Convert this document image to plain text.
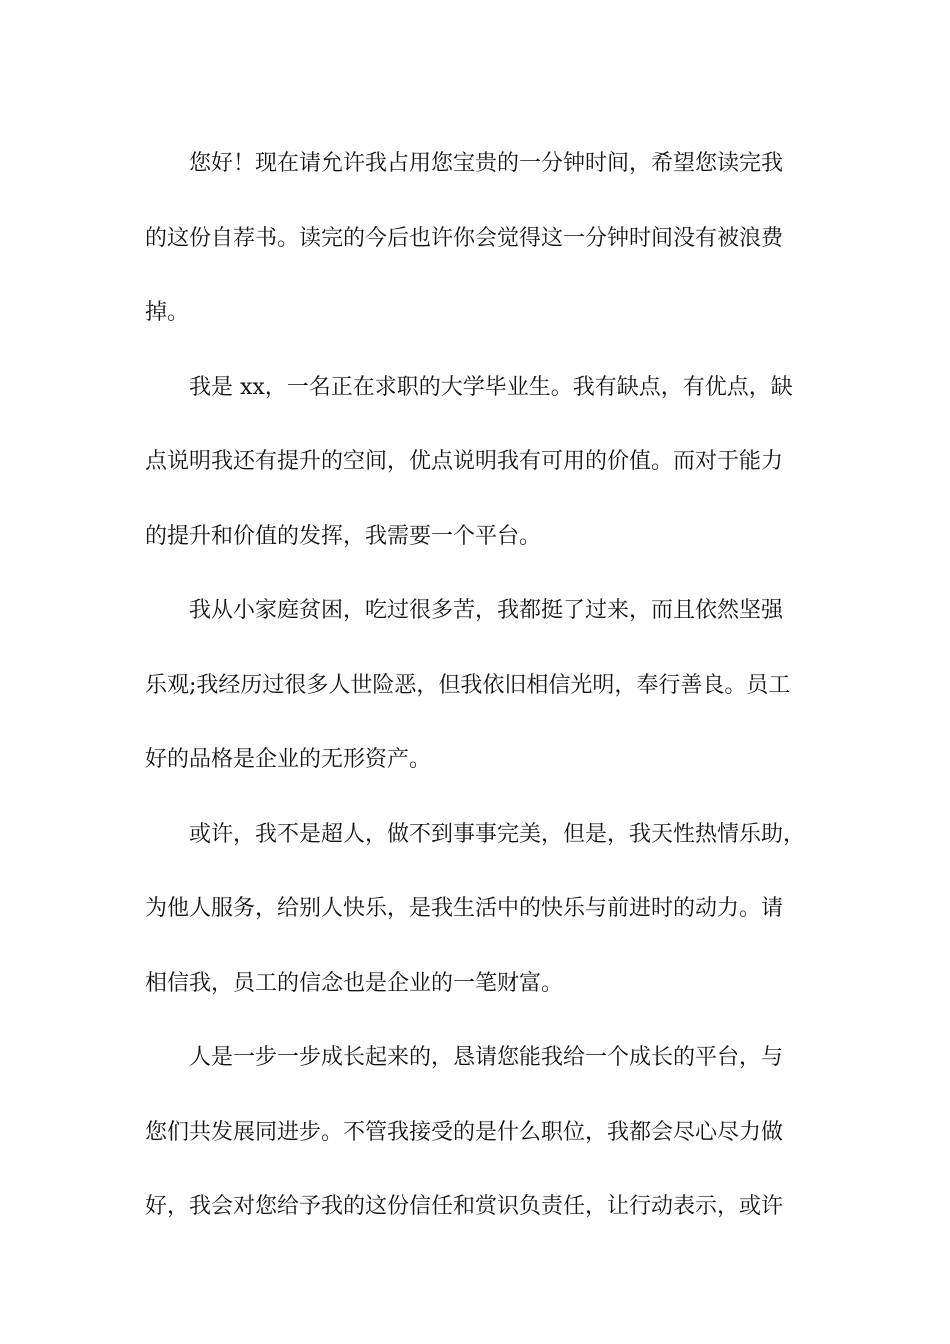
您好！现在请允许我占用您宝贵的一分钟时间，希望您读完我
的这份自荐书。读完的今后也许你会觉得这一分钟时间没有被浪费
掉。
我是 xx，一名正在求职的大学毕业生。我有缺点，有优点，缺
点说明我还有提升的空间，优点说明我有可用的价值。而对于能力
的提升和价值的发挥，我需要一个平台。
我从小家庭贫困，吃过很多苦，我都挺了过来，而且依然坚强
乐观;我经历过很多人世险恶，但我依旧相信光明，奉行善良。员工
好的品格是企业的无形资产。
或许，我不是超人，做不到事事完美，但是，我天性热情乐助，
为他人服务，给别人快乐，是我生活中的快乐与前进时的动力。请
相信我，员工的信念也是企业的一笔财富。
人是一步一步成长起来的，恳请您能我给一个成长的平台，与
您们共发展同进步。不管我接受的是什么职位，我都会尽心尽力做
好，我会对您给予我的这份信任和赏识负责任，让行动表示，或许
